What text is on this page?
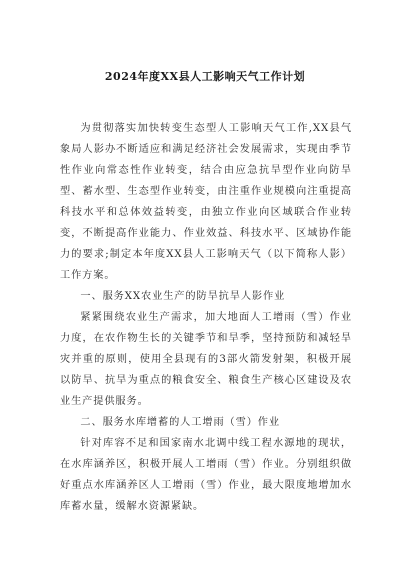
2024年度XX县人工影响天气工作计划

为贯彻落实加快转变生态型人工影响天气工作,XX县气象局人影办不断适应和满足经济社会发展需求，实现由季节性作业向常态性作业转变，结合由应急抗旱型作业向防旱型、蓄水型、生态型作业转变，由注重作业规模向注重提高科技水平和总体效益转变，由独立作业向区域联合作业转变，不断提高作业能力、作业效益、科技水平、区域协作能力的要求;制定本年度XX县人工影响天气（以下简称人影）工作方案。

一、服务XX农业生产的防旱抗旱人影作业

紧紧围绕农业生产需求，加大地面人工增雨（雪）作业力度，在农作物生长的关键季节和旱季，坚持预防和减轻旱灾并重的原则，使用全县现有的3部火箭发射架，积极开展以防旱、抗旱为重点的粮食安全、粮食生产核心区建设及农业生产提供服务。

二、服务水库增蓄的人工增雨（雪）作业

针对库容不足和国家南水北调中线工程水源地的现状，在水库涵养区，积极开展人工增雨（雪）作业。分别组织做好重点水库涵养区人工增雨（雪）作业，最大限度地增加水库蓄水量，缓解水资源紧缺。
